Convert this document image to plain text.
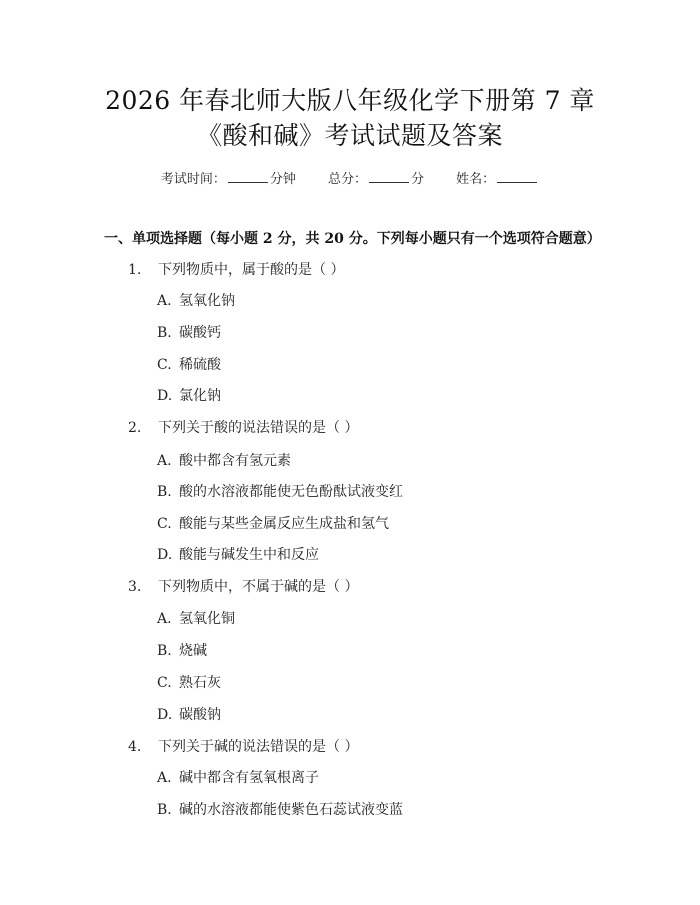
2026 年春北师大版八年级化学下册第 7 章
《酸和碱》考试试题及答案
考试时间：	分钟 总分：	分 姓名：
一、单项选择题（每小题 2 分，共 20 分。下列每小题只有一个选项符合题意）
1. 下列物质中，属于酸的是（ ）
A. 氢氧化钠
B. 碳酸钙
C. 稀硫酸
D. 氯化钠
2. 下列关于酸的说法错误的是（ ）
A. 酸中都含有氢元素
B. 酸的水溶液都能使无色酚酞试液变红
C. 酸能与某些金属反应生成盐和氢气
D. 酸能与碱发生中和反应
3. 下列物质中，不属于碱的是（ ）
A. 氢氧化铜
B. 烧碱
C. 熟石灰
D. 碳酸钠
4. 下列关于碱的说法错误的是（ ）
A. 碱中都含有氢氧根离子
B. 碱的水溶液都能使紫色石蕊试液变蓝
